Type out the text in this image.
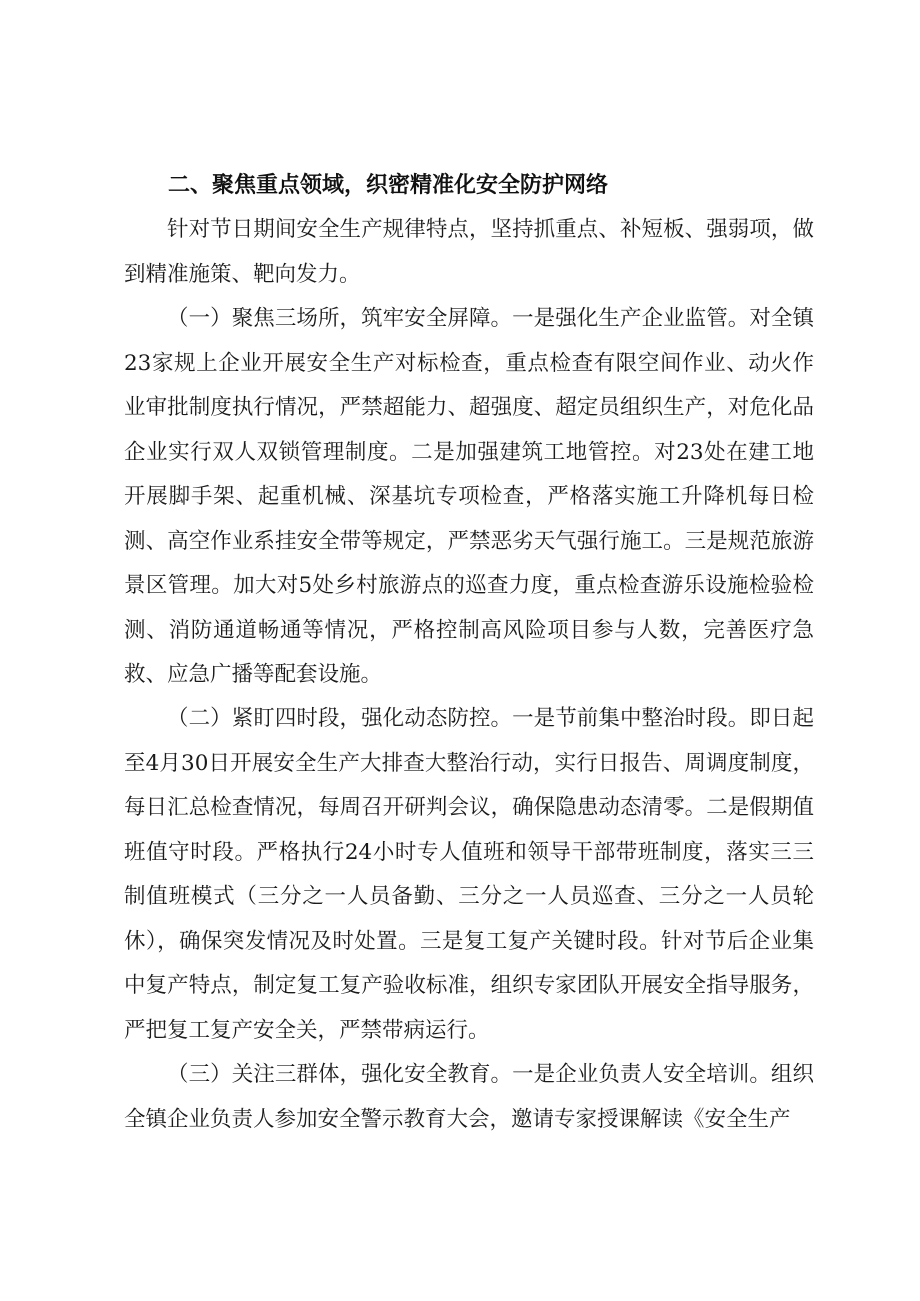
二、聚焦重点领域，织密精准化安全防护网络

针对节日期间安全生产规律特点，坚持抓重点、补短板、强弱项，做到精准施策、靶向发力。

（一）聚焦三场所，筑牢安全屏障。一是强化生产企业监管。对全镇23家规上企业开展安全生产对标检查，重点检查有限空间作业、动火作业审批制度执行情况，严禁超能力、超强度、超定员组织生产，对危化品企业实行双人双锁管理制度。二是加强建筑工地管控。对23处在建工地开展脚手架、起重机械、深基坑专项检查，严格落实施工升降机每日检测、高空作业系挂安全带等规定，严禁恶劣天气强行施工。三是规范旅游景区管理。加大对5处乡村旅游点的巡查力度，重点检查游乐设施检验检测、消防通道畅通等情况，严格控制高风险项目参与人数，完善医疗急救、应急广播等配套设施。

（二）紧盯四时段，强化动态防控。一是节前集中整治时段。即日起至4月30日开展安全生产大排查大整治行动，实行日报告、周调度制度，每日汇总检查情况，每周召开研判会议，确保隐患动态清零。二是假期值班值守时段。严格执行24小时专人值班和领导干部带班制度，落实三三制值班模式（三分之一人员备勤、三分之一人员巡查、三分之一人员轮休），确保突发情况及时处置。三是复工复产关键时段。针对节后企业集中复产特点，制定复工复产验收标准，组织专家团队开展安全指导服务，严把复工复产安全关，严禁带病运行。

（三）关注三群体，强化安全教育。一是企业负责人安全培训。组织全镇企业负责人参加安全警示教育大会，邀请专家授课解读《安全生产
